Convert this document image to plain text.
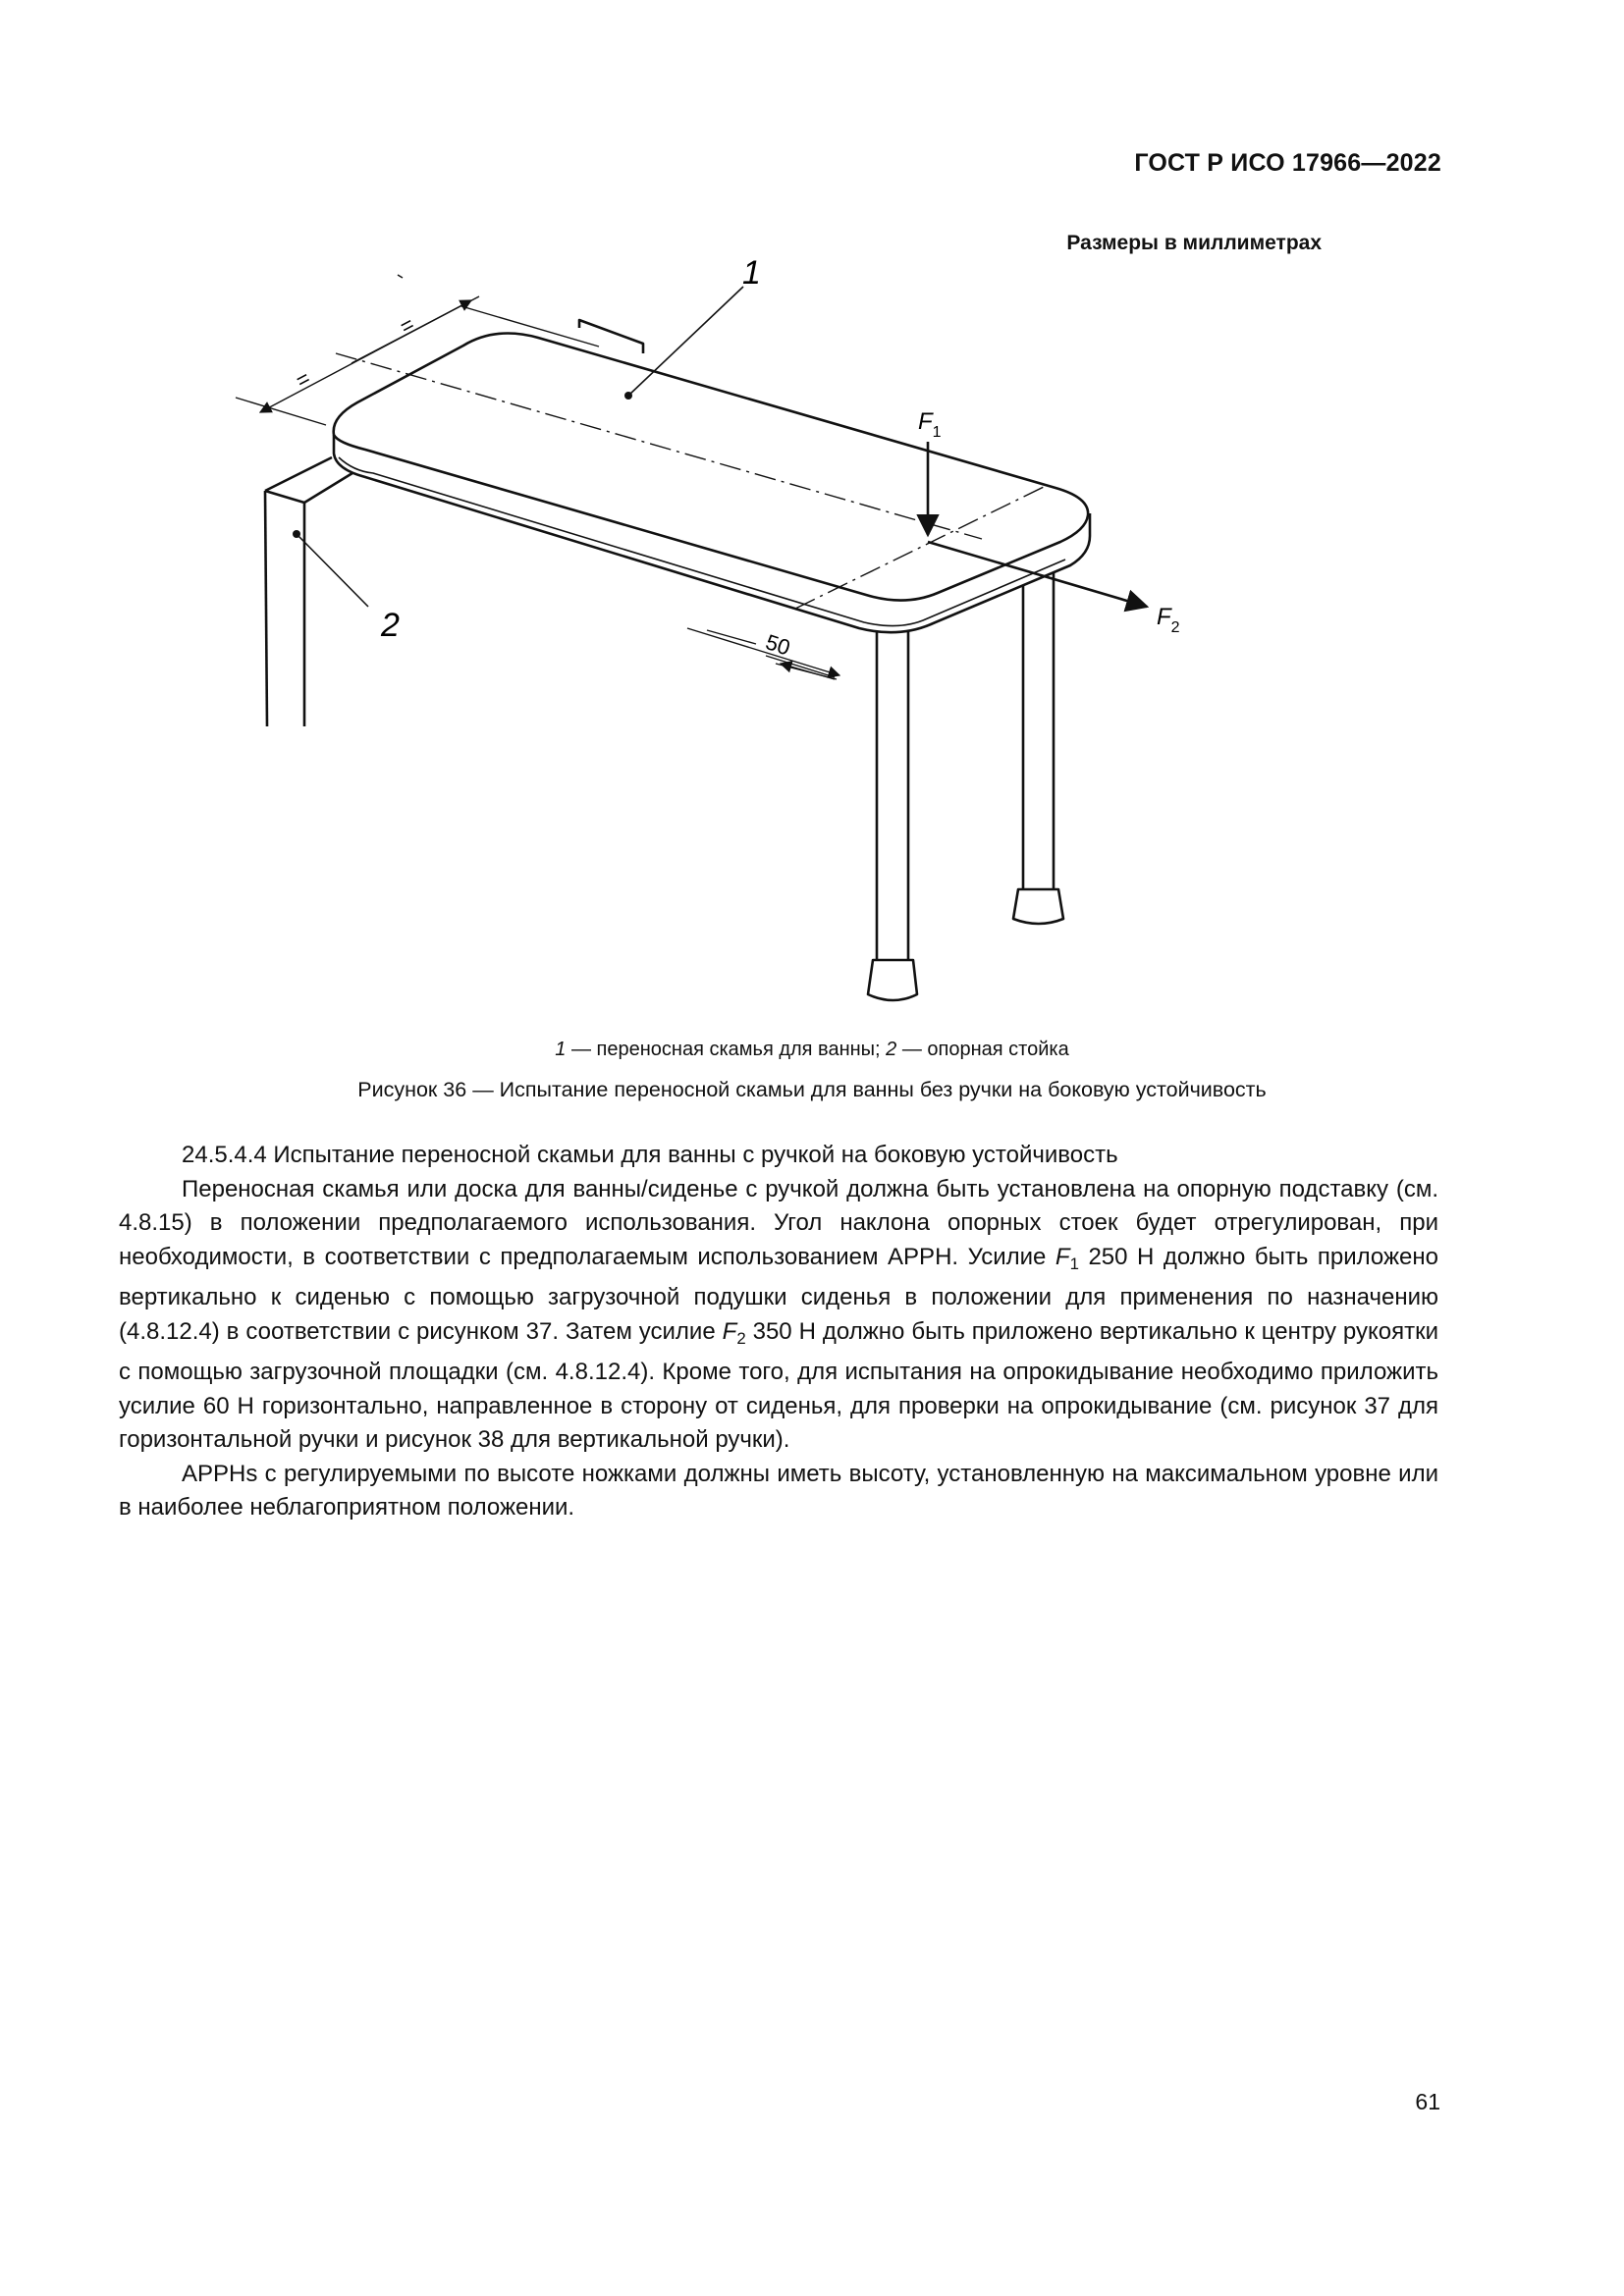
ГОСТ Р ИСО 17966—2022
Размеры в миллиметрах
=
=
50
$F_1$
$F_2$
1
2
1 — переносная скамья для ванны; 2 — опорная стойка
Рисунок 36 — Испытание переносной скамьи для ванны без ручки на боковую устойчивость

24.5.4.4 Испытание переносной скамьи для ванны с ручкой на боковую устойчивость

Переносная скамья или доска для ванны/сиденье с ручкой должна быть установлена на опорную подставку (см. 4.8.15) в положении предполагаемого использования. Угол наклона опорных стоек будет отрегулирован, при необходимости, в соответствии с предполагаемым использованием APPH. Усилие $F_1$ 250 Н должно быть приложено вертикально к сиденью с помощью загрузочной подушки сиденья в положении для применения по назначению (4.8.12.4) в соответствии с рисунком 37. Затем усилие $F_2$ 350 Н должно быть приложено вертикально к центру рукоятки с помощью загрузочной площадки (см. 4.8.12.4). Кроме того, для испытания на опрокидывание необходимо приложить усилие 60 Н горизонтально, направленное в сторону от сиденья, для проверки на опрокидывание (см. рисунок 37 для горизонтальной ручки и рисунок 38 для вертикальной ручки).

APPHs с регулируемыми по высоте ножками должны иметь высоту, установленную на максимальном уровне или в наиболее неблагоприятном положении.

61
